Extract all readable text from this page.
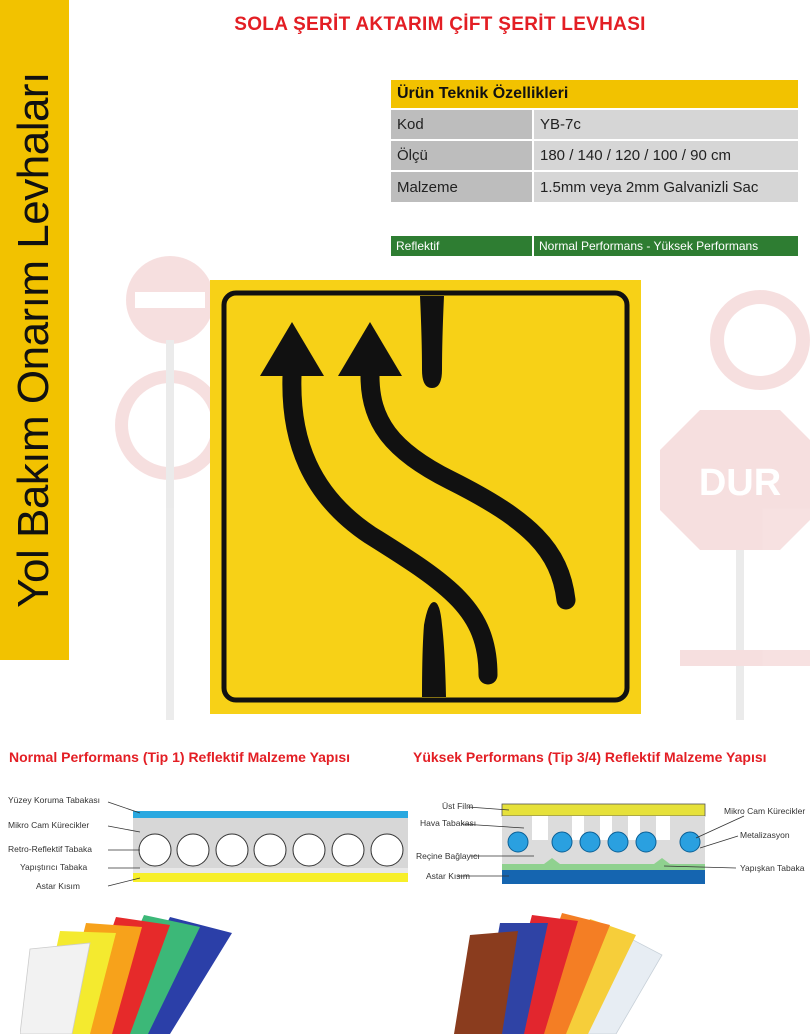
Yol Bakım Onarım Levhaları
SOLA ŞERİT AKTARIM ÇİFT ŞERİT LEVHASI
Ürün Teknik Özellikleri	
Kod	YB-7c
Ölçü	180 / 140 / 120 / 100 / 90 cm
Malzeme	1.5mm veya 2mm Galvanizli Sac
Reflektif	Normal Performans - Yüksek Performans
DUR
Normal Performans (Tip 1) Reflektif Malzeme Yapısı	Yüksek Performans (Tip 3/4) Reflektif Malzeme Yapısı
Yüzey Koruma Tabakası
Mikro Cam Kürecikler
Retro-Reflektif Tabaka
Yapıştırıcı Tabaka
Astar Kısım
Üst Film
Hava Tabakası
Reçine Bağlayıcı
Astar Kısım
Mikro Cam Kürecikler
Metalizasyon
Yapışkan Tabaka
